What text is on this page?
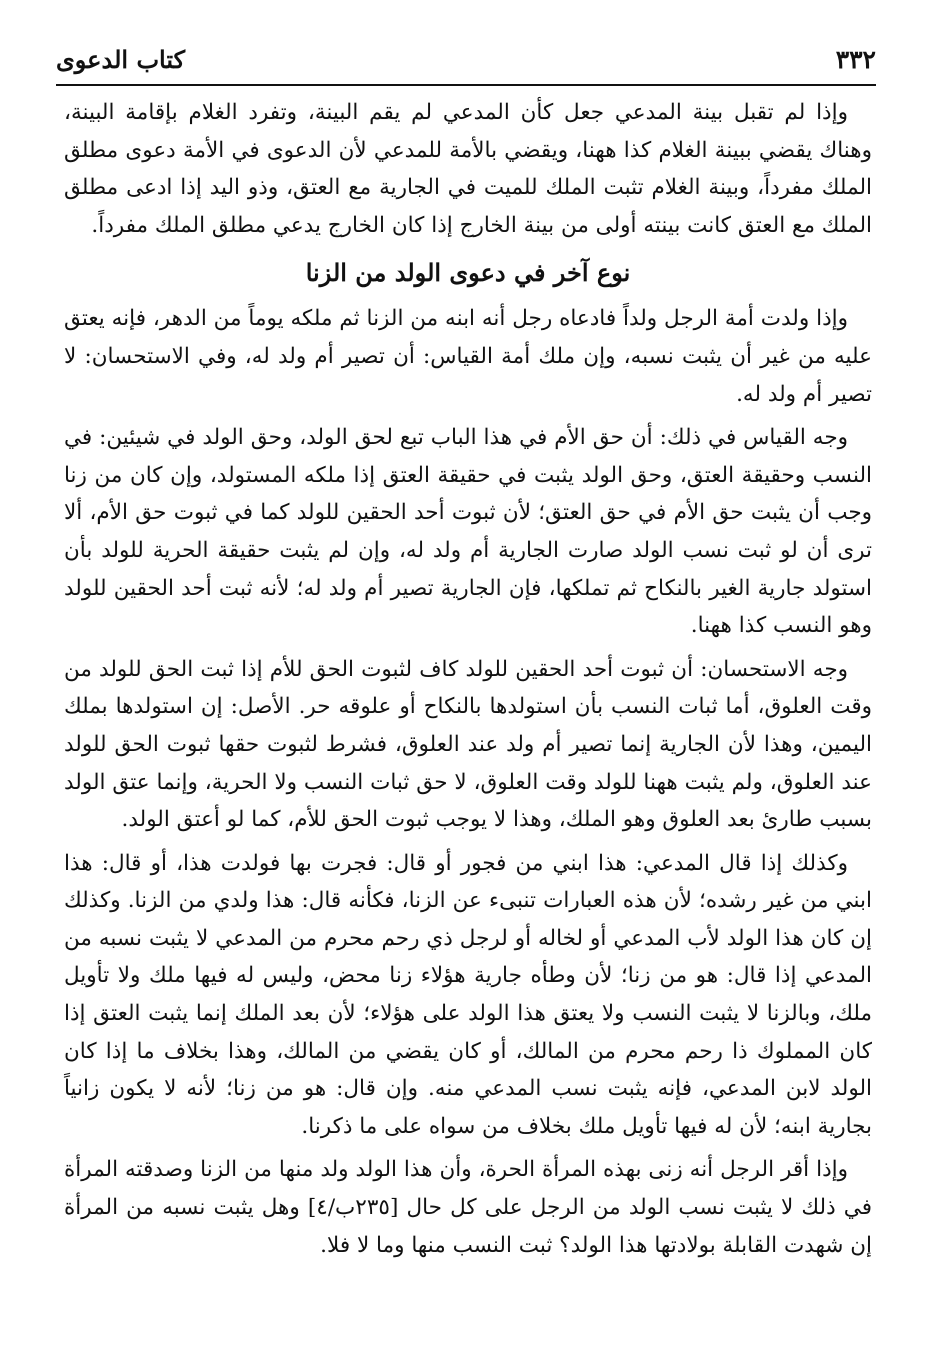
٣٣٢
كتاب الدعوى

وإذا لم تقبل بينة المدعي جعل كأن المدعي لم يقم البينة، وتفرد الغلام بإقامة البينة، وهناك يقضي ببينة الغلام كذا ههنا، ويقضي بالأمة للمدعي لأن الدعوى في الأمة دعوى مطلق الملك مفرداً، وبينة الغلام تثبت الملك للميت في الجارية مع العتق، وذو اليد إذا ادعى مطلق الملك مع العتق كانت بينته أولى من بينة الخارج إذا كان الخارج يدعي مطلق الملك مفرداً.

نوع آخر في دعوى الولد من الزنا

وإذا ولدت أمة الرجل ولداً فادعاه رجل أنه ابنه من الزنا ثم ملكه يوماً من الدهر، فإنه يعتق عليه من غير أن يثبت نسبه، وإن ملك أمة القياس: أن تصير أم ولد له، وفي الاستحسان: لا تصير أم ولد له.

وجه القياس في ذلك: أن حق الأم في هذا الباب تبع لحق الولد، وحق الولد في شيئين: في النسب وحقيقة العتق، وحق الولد يثبت في حقيقة العتق إذا ملكه المستولد، وإن كان من زنا وجب أن يثبت حق الأم في حق العتق؛ لأن ثبوت أحد الحقين للولد كما في ثبوت حق الأم، ألا ترى أن لو ثبت نسب الولد صارت الجارية أم ولد له، وإن لم يثبت حقيقة الحرية للولد بأن استولد جارية الغير بالنكاح ثم تملكها، فإن الجارية تصير أم ولد له؛ لأنه ثبت أحد الحقين للولد وهو النسب كذا ههنا.

وجه الاستحسان: أن ثبوت أحد الحقين للولد كاف لثبوت الحق للأم إذا ثبت الحق للولد من وقت العلوق، أما ثبات النسب بأن استولدها بالنكاح أو علوقه حر. الأصل: إن استولدها بملك اليمين، وهذا لأن الجارية إنما تصير أم ولد عند العلوق، فشرط لثبوت حقها ثبوت الحق للولد عند العلوق، ولم يثبت ههنا للولد وقت العلوق، لا حق ثبات النسب ولا الحرية، وإنما عتق الولد بسبب طارئ بعد العلوق وهو الملك، وهذا لا يوجب ثبوت الحق للأم، كما لو أعتق الولد.

وكذلك إذا قال المدعي: هذا ابني من فجور أو قال: فجرت بها فولدت هذا، أو قال: هذا ابني من غير رشده؛ لأن هذه العبارات تنبىء عن الزنا، فكأنه قال: هذا ولدي من الزنا. وكذلك إن كان هذا الولد لأب المدعي أو لخاله أو لرجل ذي رحم محرم من المدعي لا يثبت نسبه من المدعي إذا قال: هو من زنا؛ لأن وطأه جارية هؤلاء زنا محض، وليس له فيها ملك ولا تأويل ملك، وبالزنا لا يثبت النسب ولا يعتق هذا الولد على هؤلاء؛ لأن بعد الملك إنما يثبت العتق إذا كان المملوك ذا رحم محرم من المالك، أو كان يقضي من المالك، وهذا بخلاف ما إذا كان الولد لابن المدعي، فإنه يثبت نسب المدعي منه. وإن قال: هو من زنا؛ لأنه لا يكون زانياً بجارية ابنه؛ لأن له فيها تأويل ملك بخلاف من سواه على ما ذكرنا.

وإذا أقر الرجل أنه زنى بهذه المرأة الحرة، وأن هذا الولد ولد منها من الزنا وصدقته المرأة في ذلك لا يثبت نسب الولد من الرجل على كل حال [٢٣٥ب/٤] وهل يثبت نسبه من المرأة إن شهدت القابلة بولادتها هذا الولد؟ ثبت النسب منها وما لا فلا.
